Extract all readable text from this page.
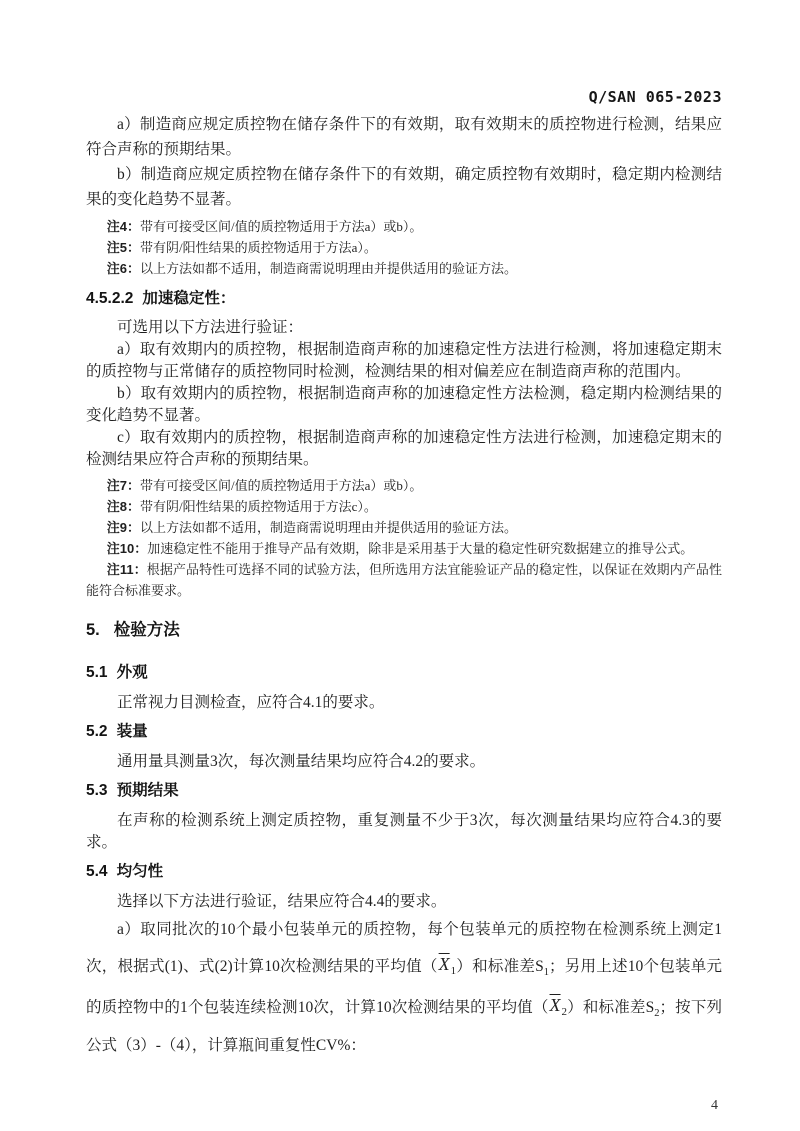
Q/SAN 065-2023

a）制造商应规定质控物在储存条件下的有效期，取有效期末的质控物进行检测，结果应符合声称的预期结果。

b）制造商应规定质控物在储存条件下的有效期，确定质控物有效期时，稳定期内检测结果的变化趋势不显著。

注4：带有可接受区间/值的质控物适用于方法a）或b）。

注5：带有阴/阳性结果的质控物适用于方法a）。

注6：以上方法如都不适用，制造商需说明理由并提供适用的验证方法。

4.5.2.2 加速稳定性：

可选用以下方法进行验证：

a）取有效期内的质控物，根据制造商声称的加速稳定性方法进行检测，将加速稳定期末的质控物与正常储存的质控物同时检测，检测结果的相对偏差应在制造商声称的范围内。

b）取有效期内的质控物，根据制造商声称的加速稳定性方法检测，稳定期内检测结果的变化趋势不显著。

c）取有效期内的质控物，根据制造商声称的加速稳定性方法进行检测，加速稳定期末的检测结果应符合声称的预期结果。

注7：带有可接受区间/值的质控物适用于方法a）或b）。

注8：带有阴/阳性结果的质控物适用于方法c）。

注9：以上方法如都不适用，制造商需说明理由并提供适用的验证方法。

注10：加速稳定性不能用于推导产品有效期，除非是采用基于大量的稳定性研究数据建立的推导公式。

注11：根据产品特性可选择不同的试验方法，但所选用方法宜能验证产品的稳定性，以保证在效期内产品性能符合标准要求。

5. 检验方法

5.1 外观

正常视力目测检查，应符合4.1的要求。

5.2 装量

通用量具测量3次，每次测量结果均应符合4.2的要求。

5.3 预期结果

在声称的检测系统上测定质控物，重复测量不少于3次，每次测量结果均应符合4.3的要求。

5.4 均匀性

选择以下方法进行验证，结果应符合4.4的要求。

a）取同批次的10个最小包装单元的质控物，每个包装单元的质控物在检测系统上测定1次，根据式(1)、式(2)计算10次检测结果的平均值$(\overline{X}1)$和标准差$S_1$；另用上述10个包装单元的质控物中的1个包装连续检测10次，计算10次检测结果的平均值$(\overline{X}2)$和标准差$S_2$；按下列公式（3）-（4），计算瓶间重复性CV%：

4
